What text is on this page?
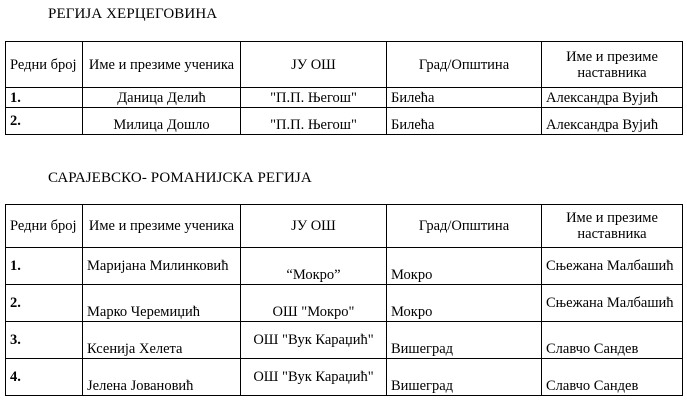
РЕГИЈА ХЕРЦЕГОВИНА
Редни број	Име и презиме ученика	ЈУ ОШ	Град/Општина	Име и презиме наставника
1.	Даница Делић	"П.П. Његош"	Билећа	Александра Вујић
2.	Милица Дошло	"П.П. Његош"	Билећа	Александра Вујић
САРАЈЕВСКО- РОМАНИЈСКА РЕГИЈА
Редни број	Име и презиме ученика	ЈУ ОШ	Град/Општина	Име и презиме наставника
1.	Маријана Милинковић	“Мокро”	Мокро	Сњежана Малбашић
2.	Марко Черемиџић	ОШ "Мокро"	Мокро	Сњежана Малбашић
3.	Ксенија Хелета	ОШ "Вук Караџић"	Вишеград	Славчо Сандев
4.	Јелена Јовановић	ОШ "Вук Караџић"	Вишеград	Славчо Сандев
